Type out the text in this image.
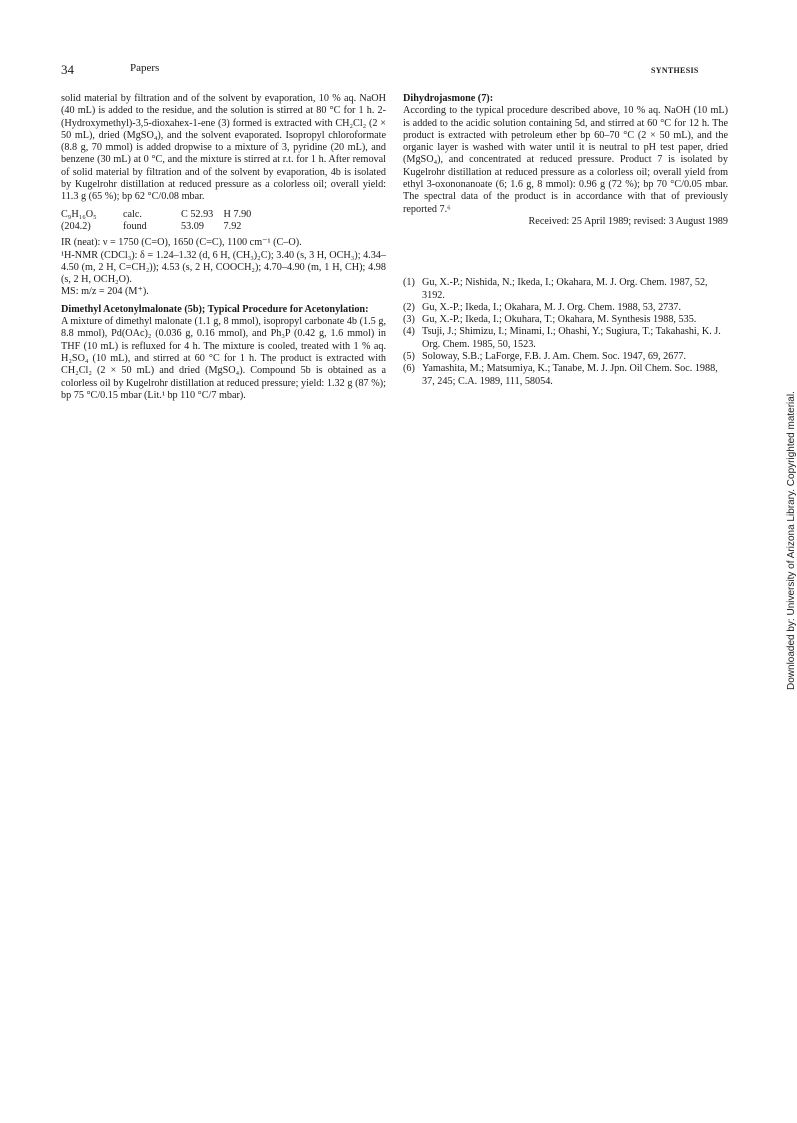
34	Papers	SYNTHESIS

solid material by filtration and of the solvent by evaporation, 10 % aq. NaOH (40 mL) is added to the residue, and the solution is stirred at 80 °C for 1 h. 2-(Hydroxymethyl)-3,5-dioxahex-1-ene (3) formed is extracted with CH₂Cl₂ (2 × 50 mL), dried (MgSO₄), and the solvent evaporated. Isopropyl chloroformate (8.8 g, 70 mmol) is added dropwise to a mixture of 3, pyridine (20 mL), and benzene (30 mL) at 0 °C, and the mixture is stirred at r.t. for 1 h. After removal of solid material by filtration and of the solvent by evaporation, 4b is isolated by Kugelrohr distillation at reduced pressure as a colorless oil; overall yield: 11.3 g (65 %); bp 62 °C/0.08 mbar.

C₉H₁₆O₅	calc.	C 52.93 H 7.90
(204.2)	found	53.09 7.92

IR (neat): ν = 1750 (C=O), 1650 (C=C), 1100 cm⁻¹ (C–O).

¹H-NMR (CDCl₃): δ = 1.24–1.32 (d, 6 H, (CH₃)₂C); 3.40 (s, 3 H, OCH₃); 4.34–4.50 (m, 2 H, C=CH₂)); 4.53 (s, 2 H, COOCH₂); 4.70–4.90 (m, 1 H, CH); 4.98 (s, 2 H, OCH₂O).

MS: m/z = 204 (M⁺).

Dimethyl Acetonylmalonate (5b); Typical Procedure for Acetonylation:

A mixture of dimethyl malonate (1.1 g, 8 mmol), isopropyl carbonate 4b (1.5 g, 8.8 mmol), Pd(OAc)₂ (0.036 g, 0.16 mmol), and Ph₃P (0.42 g, 1.6 mmol) in THF (10 mL) is refluxed for 4 h. The mixture is cooled, treated with 1 % aq. H₂SO₄ (10 mL), and stirred at 60 °C for 1 h. The product is extracted with CH₂Cl₂ (2 × 50 mL) and dried (MgSO₄). Compound 5b is obtained as a colorless oil by Kugelrohr distillation at reduced pressure; yield: 1.32 g (87 %); bp 75 °C/0.15 mbar (Lit.¹ bp 110 °C/7 mbar).

Dihydrojasmone (7):

According to the typical procedure described above, 10 % aq. NaOH (10 mL) is added to the acidic solution containing 5d, and stirred at 60 °C for 12 h. The product is extracted with petroleum ether bp 60–70 °C (2 × 50 mL), and the organic layer is washed with water until it is neutral to pH test paper, dried (MgSO₄), and concentrated at reduced pressure. Product 7 is isolated by Kugelrohr distillation at reduced pressure as a colorless oil; overall yield from ethyl 3-oxononanoate (6; 1.6 g, 8 mmol): 0.96 g (72 %); bp 70 °C/0.05 mbar. The spectral data of the product is in accordance with that of previously reported 7.⁶

Received: 25 April 1989; revised: 3 August 1989

(1) Gu, X.-P.; Nishida, N.; Ikeda, I.; Okahara, M. J. Org. Chem. 1987, 52, 3192.
(2) Gu, X.-P.; Ikeda, I.; Okahara, M. J. Org. Chem. 1988, 53, 2737.
(3) Gu, X.-P.; Ikeda, I.; Okuhara, T.; Okahara, M. Synthesis 1988, 535.
(4) Tsuji, J.; Shimizu, I.; Minami, I.; Ohashi, Y.; Sugiura, T.; Takahashi, K. J. Org. Chem. 1985, 50, 1523.
(5) Soloway, S.B.; LaForge, F.B. J. Am. Chem. Soc. 1947, 69, 2677.
(6) Yamashita, M.; Matsumiya, K.; Tanabe, M. J. Jpn. Oil Chem. Soc. 1988, 37, 245; C.A. 1989, 111, 58054.
Downloaded by: University of Arizona Library. Copyrighted material.
